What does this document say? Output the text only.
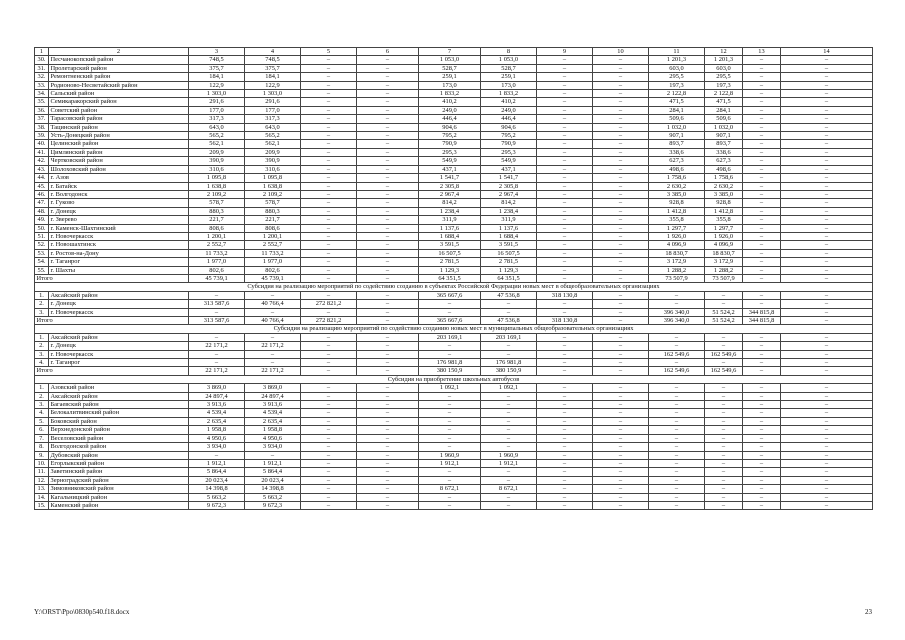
1	2	3	4	5	6	7	8	9	10	11	12	13	14
30.	Песчанокопский район	748,5	748,5	–	–	1 053,0	1 053,0	–	–	1 201,3	1 201,3	–	–
31.	Пролетарский район	375,7	375,7	–	–	528,7	528,7	–	–	603,0	603,0	–	–
32.	Ремонтненский район	184,1	184,1	–	–	259,1	259,1	–	–	295,5	295,5	–	–
33.	Родионово-Несветайский район	122,9	122,9	–	–	173,0	173,0	–	–	197,3	197,3	–	–
34.	Сальский район	1 303,0	1 303,0	–	–	1 833,2	1 833,2	–	–	2 122,8	2 122,8	–	–
35.	Семикаракорский район	291,6	291,6	–	–	410,2	410,2	–	–	471,5	471,5	–	–
36.	Советский район	177,0	177,0	–	–	249,0	249,0	–	–	284,1	284,1	–	–
37.	Тарасовский район	317,3	317,3	–	–	446,4	446,4	–	–	509,6	509,6	–	–
38.	Тацинский район	643,0	643,0	–	–	904,6	904,6	–	–	1 032,0	1 032,0	–	–
39.	Усть-Донецкий район	565,2	565,2	–	–	795,2	795,2	–	–	907,1	907,1	–	–
40.	Целинский район	562,1	562,1	–	–	790,9	790,9	–	–	893,7	893,7	–	–
41.	Цимлянский район	209,9	209,9	–	–	295,3	295,3	–	–	338,6	338,6	–	–
42.	Чертковский район	390,9	390,9	–	–	549,9	549,9	–	–	627,3	627,3	–	–
43.	Шолоховский район	310,6	310,6	–	–	437,1	437,1	–	–	498,6	498,6	–	–
44.	г. Азов	1 095,8	1 095,8	–	–	1 541,7	1 541,7	–	–	1 758,6	1 758,6	–	–
45.	г. Батайск	1 638,8	1 638,8	–	–	2 305,8	2 305,8	–	–	2 630,2	2 630,2	–	–
46.	г. Волгодонск	2 109,2	2 109,2	–	–	2 967,4	2 967,4	–	–	3 385,0	3 385,0	–	–
47.	г. Гуково	578,7	578,7	–	–	814,2	814,2	–	–	928,8	928,8	–	–
48.	г. Донецк	880,3	880,3	–	–	1 238,4	1 238,4	–	–	1 412,8	1 412,8	–	–
49.	г. Зверево	221,7	221,7	–	–	311,9	311,9	–	–	355,8	355,8	–	–
50.	г. Каменск-Шахтинский	808,6	808,6	–	–	1 137,6	1 137,6	–	–	1 297,7	1 297,7	–	–
51.	г. Новочеркасск	1 200,1	1 200,1	–	–	1 688,4	1 688,4	–	–	1 926,0	1 926,0	–	–
52.	г. Новошахтинск	2 552,7	2 552,7	–	–	3 591,5	3 591,5	–	–	4 096,9	4 096,9	–	–
53.	г. Ростов-на-Дону	11 733,2	11 733,2	–	–	16 507,5	16 507,5	–	–	18 830,7	18 830,7	–	–
54.	г. Таганрог	1 977,0	1 977,0	–	–	2 781,5	2 781,5	–	–	3 172,9	3 172,9	–	–
55.	г. Шахты	802,6	802,6	–	–	1 129,3	1 129,3	–	–	1 288,2	1 288,2	–	–
Итого		45 739,1	45 739,1	–	–	64 351,5	64 351,5	–	–	73 507,9	73 507,9	–	–
Субсидия на реализацию мероприятий по содействию созданию в субъектах Российской Федерации новых мест в общеобразовательных организациях													
1.	Аксайский район	–	–	–	–	365 667,6	47 536,8	318 130,8	–	–	–	–	–
2.	г. Донецк	313 587,6	40 766,4	272 821,2	–	–	–	–	–	–	–	–	–
3.	г. Новочеркасск	–	–	–	–	–	–	–	–	396 340,0	51 524,2	344 815,8	–
Итого		313 587,6	40 766,4	272 821,2	–	365 667,6	47 536,8	318 130,8	–	396 340,0	51 524,2	344 815,8	–
Субсидия на реализацию мероприятий по содействию созданию новых мест в муниципальных общеобразовательных организациях													
1.	Аксайский район	–	–	–	–	203 169,1	203 169,1	–	–	–	–	–	–
2.	г. Донецк	22 171,2	22 171,2	–	–	–	–	–	–	–	–	–	–
3.	г. Новочеркасск	–	–	–	–	–	–	–	–	162 549,6	162 549,6	–	–
4.	г. Таганрог	–	–	–	–	176 981,8	176 981,8	–	–	–	–	–	–
Итого		22 171,2	22 171,2	–	–	380 150,9	380 150,9	–	–	162 549,6	162 549,6	–	–
Субсидия на приобретение школьных автобусов													
1.	Азовский район	3 869,0	3 869,0	–	–	1 092,1	1 092,1	–	–	–	–	–	–
2.	Аксайский район	24 897,4	24 897,4	–	–	–	–	–	–	–	–	–	–
3.	Багаевский район	3 913,6	3 913,6	–	–	–	–	–	–	–	–	–	–
4.	Белокалитвинский район	4 539,4	4 539,4	–	–	–	–	–	–	–	–	–	–
5.	Боковский район	2 635,4	2 635,4	–	–	–	–	–	–	–	–	–	–
6.	Верхнедонской район	1 958,8	1 958,8	–	–	–	–	–	–	–	–	–	–
7.	Веселовский район	4 950,6	4 950,6	–	–	–	–	–	–	–	–	–	–
8.	Волгодонской район	3 934,0	3 934,0	–	–	–	–	–	–	–	–	–	–
9.	Дубовский район	–	–	–	–	1 960,9	1 960,9	–	–	–	–	–	–
10.	Егорлыкский район	1 912,1	1 912,1	–	–	1 912,1	1 912,1	–	–	–	–	–	–
11.	Заветинский район	5 864,4	5 864,4	–	–	–	–	–	–	–	–	–	–
12.	Зерноградский район	20 023,4	20 023,4	–	–	–	–	–	–	–	–	–	–
13.	Зимовниковский район	14 398,8	14 398,8	–	–	8 672,1	8 672,1	–	–	–	–	–	–
14.	Кагальницкий район	5 663,2	5 663,2	–	–	–	–	–	–	–	–	–	–
15.	Каменский район	9 672,3	9 672,3	–	–	–	–	–	–	–	–	–	–
Y:\ORST\Ppo\0830p540.f18.docx	23
